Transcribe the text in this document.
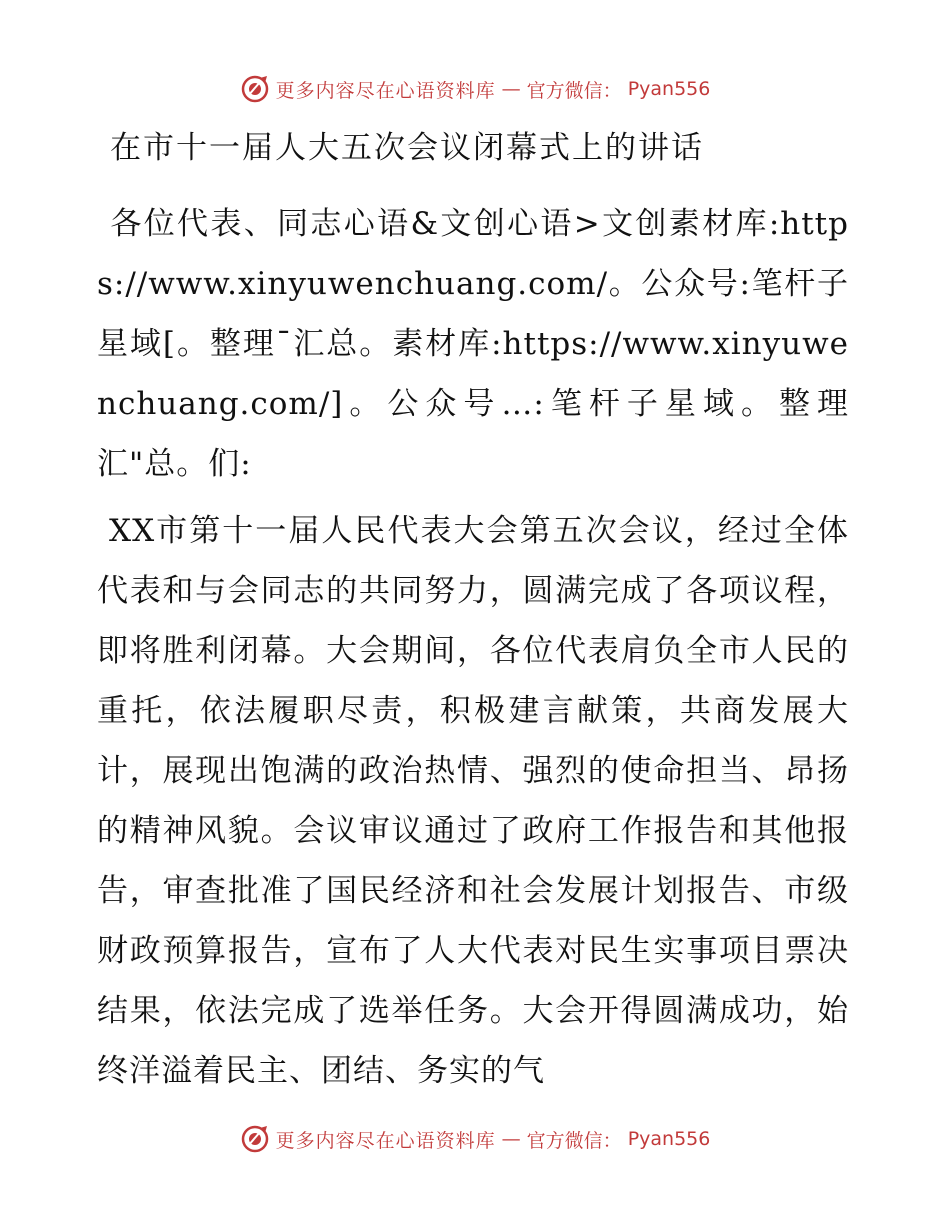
更多内容尽在心语资料库 — 官方微信： Pyan556
在市十一届人大五次会议闭幕式上的讲话

各位代表、同志心语&文创心语>文创素材库:https://www.xinyuwenchuang.com/。公众号:笔杆子星域[。整理¯汇总。素材库:https://www.xinyuwenchuang.com/]。公众号…:笔杆子星域。整理汇"总。们:

XX市第十一届人民代表大会第五次会议，经过全体代表和与会同志的共同努力，圆满完成了各项议程，即将胜利闭幕。大会期间，各位代表肩负全市人民的重托，依法履职尽责，积极建言献策，共商发展大计，展现出饱满的政治热情、强烈的使命担当、昂扬的精神风貌。会议审议通过了政府工作报告和其他报告，审查批准了国民经济和社会发展计划报告、市级财政预算报告，宣布了人大代表对民生实事项目票决结果，依法完成了选举任务。大会开得圆满成功，始终洋溢着民主、团结、务实的气

更多内容尽在心语资料库 — 官方微信： Pyan556
